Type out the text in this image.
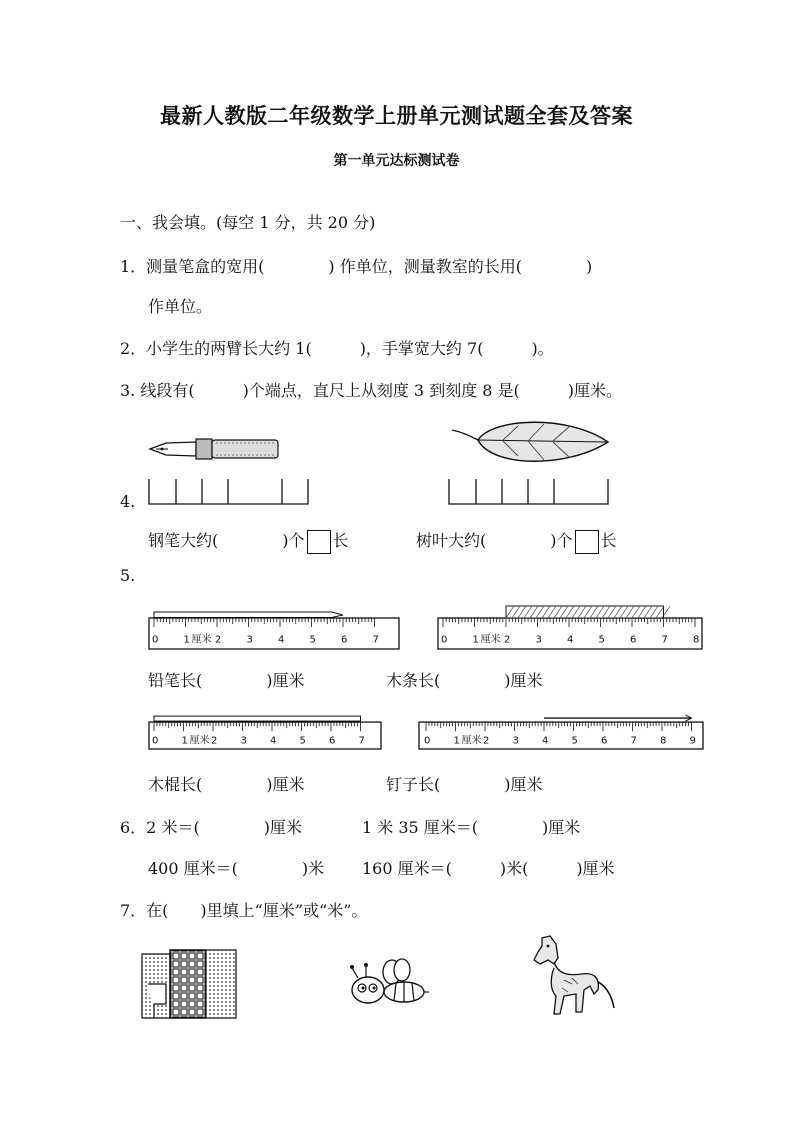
最新人教版二年级数学上册单元测试题全套及答案
第一单元达标测试卷
一、我会填。(每空 1 分，共 20 分)
1．测量笔盒的宽用(　　　　) 作单位，测量教室的长用(　　　　)
作单位。
2．小学生的两臂长大约 1(　　　)，手掌宽大约 7(　　　)。
3. 线段有(　　　)个端点，直尺上从刻度 3 到刻度 8 是(　　　)厘米。
4.
钢笔大约(　　　　)个 长	树叶大约(　　　　)个 长
5.
0	1 厘米 2	3	4	5	6	7	0	1 厘米 2	3	4	5	6	7	8
0 1 厘米 2 3 4 5 6 7	0 1 厘米 2 3 4 5 6 7 8 9
铅笔长(　　　　)厘米	木条长(　　　　)厘米
木棍长(　　　　)厘米	钉子长(　　　　)厘米
6．2 米＝(　　　　)厘米	1 米 35 厘米＝(　　　　)厘米
400 厘米＝(　　　　)米 160 厘米＝(　　　)米(　　　)厘米
7．在(　　)里填上“厘米”或“米”。
